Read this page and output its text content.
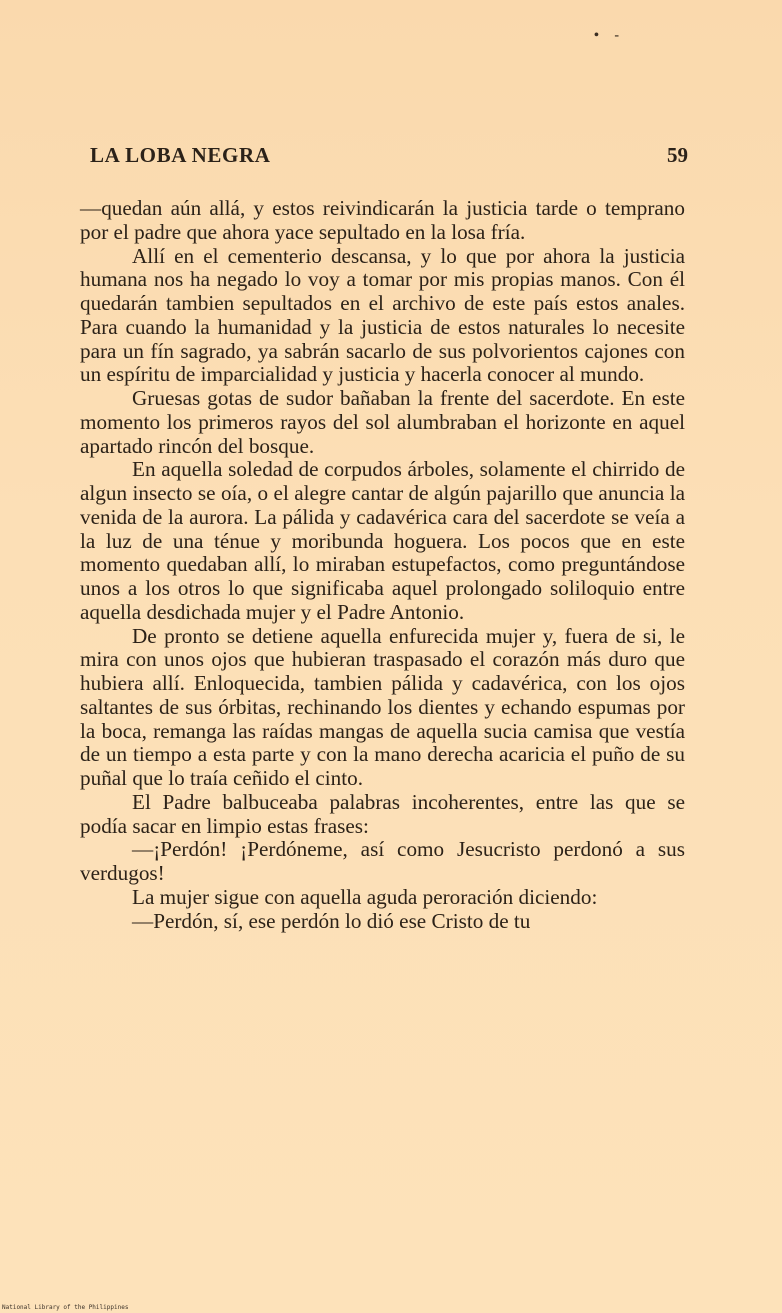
• -
LA LOBA NEGRA	59

—quedan aún allá, y estos reivindicarán la justicia tarde o temprano por el padre que ahora yace sepultado en la losa fría.

Allí en el cementerio descansa, y lo que por ahora la justicia humana nos ha negado lo voy a tomar por mis propias manos. Con él quedarán tambien sepultados en el archivo de este país estos anales. Para cuando la humanidad y la justicia de estos naturales lo necesite para un fín sagrado, ya sabrán sacarlo de sus polvorientos cajones con un espíritu de imparcialidad y justicia y hacerla conocer al mundo.

Gruesas gotas de sudor bañaban la frente del sacerdote. En este momento los primeros rayos del sol alumbraban el horizonte en aquel apartado rincón del bosque.

En aquella soledad de corpudos árboles, solamente el chirrido de algun insecto se oía, o el alegre cantar de algún pajarillo que anuncia la venida de la aurora. La pálida y cadavérica cara del sacerdote se veía a la luz de una ténue y moribunda hoguera. Los pocos que en este momento quedaban allí, lo miraban estupefactos, como preguntándose unos a los otros lo que significaba aquel prolongado soliloquio entre aquella desdichada mujer y el Padre Antonio.

De pronto se detiene aquella enfurecida mujer y, fuera de si, le mira con unos ojos que hubieran traspasado el corazón más duro que hubiera allí. Enloquecida, tambien pálida y cadavérica, con los ojos saltantes de sus órbitas, rechinando los dientes y echando espumas por la boca, remanga las raídas mangas de aquella sucia camisa que vestía de un tiempo a esta parte y con la mano derecha acaricia el puño de su puñal que lo traía ceñido el cinto.

El Padre balbuceaba palabras incoherentes, entre las que se podía sacar en limpio estas frases:

—¡Perdón! ¡Perdóneme, así como Jesucristo perdonó a sus verdugos!

La mujer sigue con aquella aguda peroración diciendo:

—Perdón, sí, ese perdón lo dió ese Cristo de tu

National Library of the Philippines
